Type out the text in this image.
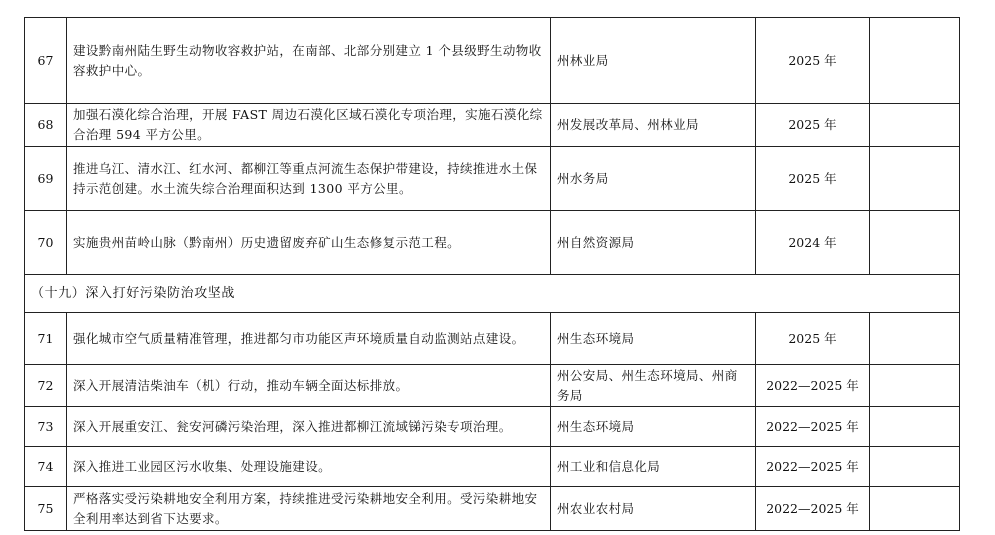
67	建设黔南州陆生野生动物收容救护站，在南部、北部分别建立 1 个县级野生动物收容救护中心。	州林业局	2025 年	
68	加强石漠化综合治理，开展 FAST 周边石漠化区域石漠化专项治理，实施石漠化综合治理 594 平方公里。	州发展改革局、州林业局	2025 年	
69	推进乌江、清水江、红水河、都柳江等重点河流生态保护带建设，持续推进水土保持示范创建。水土流失综合治理面积达到 1300 平方公里。	州水务局	2025 年	
70	实施贵州苗岭山脉（黔南州）历史遗留废弃矿山生态修复示范工程。	州自然资源局	2024 年	
（十九）深入打好污染防治攻坚战				
71	强化城市空气质量精准管理，推进都匀市功能区声环境质量自动监测站点建设。	州生态环境局	2025 年	
72	深入开展清洁柴油车（机）行动，推动车辆全面达标排放。	州公安局、州生态环境局、州商务局	2022—2025 年	
73	深入开展重安江、瓮安河磷污染治理，深入推进都柳江流域锑污染专项治理。	州生态环境局	2022—2025 年	
74	深入推进工业园区污水收集、处理设施建设。	州工业和信息化局	2022—2025 年	
75	严格落实受污染耕地安全利用方案，持续推进受污染耕地安全利用。受污染耕地安全利用率达到省下达要求。	州农业农村局	2022—2025 年	
